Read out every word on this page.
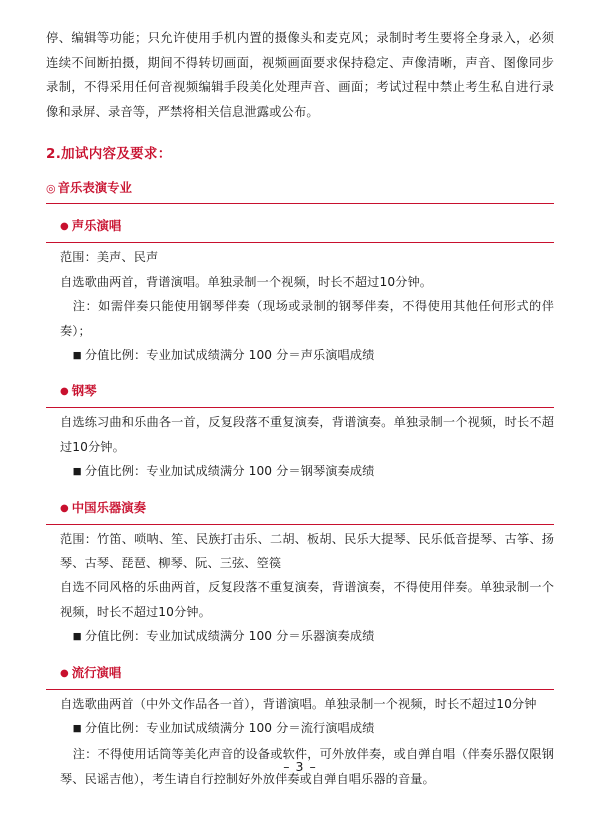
停、编辑等功能；只允许使用手机内置的摄像头和麦克风；录制时考生要将全身录入，必须连续不间断拍摄，期间不得转切画面，视频画面要求保持稳定、声像清晰，声音、图像同步录制，不得采用任何音视频编辑手段美化处理声音、画面；考试过程中禁止考生私自进行录像和录屏、录音等，严禁将相关信息泄露或公布。

2.加试内容及要求：
◎ 音乐表演专业
● 声乐演唱

范围：美声、民声

自选歌曲两首，背谱演唱。单独录制一个视频，时长不超过10分钟。

注：如需伴奏只能使用钢琴伴奏（现场或录制的钢琴伴奏，不得使用其他任何形式的伴奏）；

■ 分值比例：专业加试成绩满分 100 分＝声乐演唱成绩

● 钢琴

自选练习曲和乐曲各一首，反复段落不重复演奏，背谱演奏。单独录制一个视频，时长不超过10分钟。

■ 分值比例：专业加试成绩满分 100 分＝钢琴演奏成绩

● 中国乐器演奏

范围：竹笛、唢呐、笙、民族打击乐、二胡、板胡、民乐大提琴、民乐低音提琴、古筝、扬琴、古琴、琵琶、柳琴、阮、三弦、箜篌

自选不同风格的乐曲两首，反复段落不重复演奏，背谱演奏，不得使用伴奏。单独录制一个视频，时长不超过10分钟。

■ 分值比例：专业加试成绩满分 100 分＝乐器演奏成绩

● 流行演唱

自选歌曲两首（中外文作品各一首），背谱演唱。单独录制一个视频，时长不超过10分钟

■ 分值比例：专业加试成绩满分 100 分＝流行演唱成绩

注：不得使用话筒等美化声音的设备或软件，可外放伴奏，或自弹自唱（伴奏乐器仅限钢琴、民谣吉他），考生请自行控制好外放伴奏或自弹自唱乐器的音量。

– 3 –
